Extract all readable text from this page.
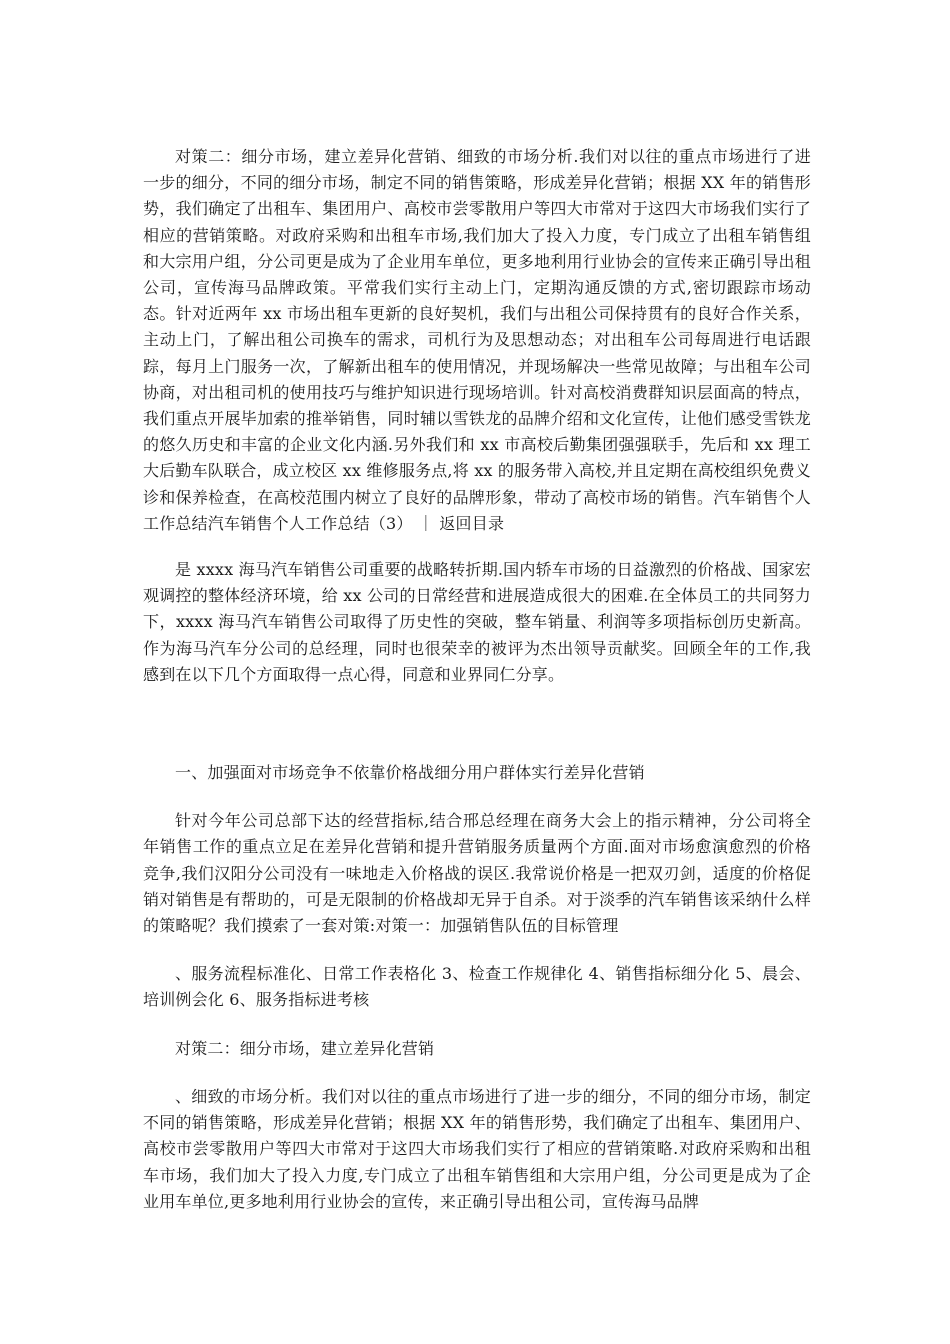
对策二：细分市场，建立差异化营销、细致的市场分析.我们对以往的重点市场进行了进一步的细分，不同的细分市场，制定不同的销售策略，形成差异化营销；根据 XX 年的销售形势，我们确定了出租车、集团用户、高校市尝零散用户等四大市常对于这四大市场我们实行了相应的营销策略。对政府采购和出租车市场,我们加大了投入力度，专门成立了出租车销售组和大宗用户组，分公司更是成为了企业用车单位，更多地利用行业协会的宣传来正确引导出租公司，宣传海马品牌政策。平常我们实行主动上门，定期沟通反馈的方式,密切跟踪市场动态。针对近两年 xx 市场出租车更新的良好契机，我们与出租公司保持贯有的良好合作关系，主动上门，了解出租公司换车的需求，司机行为及思想动态；对出租车公司每周进行电话跟踪，每月上门服务一次，了解新出租车的使用情况，并现场解决一些常见故障；与出租车公司协商，对出租司机的使用技巧与维护知识进行现场培训。针对高校消费群知识层面高的特点，我们重点开展毕加索的推举销售，同时辅以雪铁龙的品牌介绍和文化宣传，让他们感受雪铁龙的悠久历史和丰富的企业文化内涵.另外我们和 xx 市高校后勤集团强强联手，先后和 xx 理工大后勤车队联合，成立校区 xx 维修服务点,将 xx 的服务带入高校,并且定期在高校组织免费义诊和保养检查，在高校范围内树立了良好的品牌形象，带动了高校市场的销售。汽车销售个人工作总结汽车销售个人工作总结（3） ｜ 返回目录

是 xxxx 海马汽车销售公司重要的战略转折期.国内轿车市场的日益激烈的价格战、国家宏观调控的整体经济环境，给 xx 公司的日常经营和进展造成很大的困难.在全体员工的共同努力下，xxxx 海马汽车销售公司取得了历史性的突破，整车销量、利润等多项指标创历史新高。作为海马汽车分公司的总经理，同时也很荣幸的被评为杰出领导贡献奖。回顾全年的工作,我感到在以下几个方面取得一点心得，同意和业界同仁分享。

一、加强面对市场竞争不依靠价格战细分用户群体实行差异化营销

针对今年公司总部下达的经营指标,结合邢总经理在商务大会上的指示精神，分公司将全年销售工作的重点立足在差异化营销和提升营销服务质量两个方面.面对市场愈演愈烈的价格竞争,我们汉阳分公司没有一味地走入价格战的误区.我常说价格是一把双刃剑，适度的价格促销对销售是有帮助的，可是无限制的价格战却无异于自杀。对于淡季的汽车销售该采纳什么样的策略呢？我们摸索了一套对策:对策一：加强销售队伍的目标管理

、服务流程标准化、日常工作表格化 3、检查工作规律化 4、销售指标细分化 5、晨会、培训例会化 6、服务指标进考核

对策二：细分市场，建立差异化营销

、细致的市场分析。我们对以往的重点市场进行了进一步的细分，不同的细分市场，制定不同的销售策略，形成差异化营销；根据 XX 年的销售形势，我们确定了出租车、集团用户、高校市尝零散用户等四大市常对于这四大市场我们实行了相应的营销策略.对政府采购和出租车市场，我们加大了投入力度,专门成立了出租车销售组和大宗用户组，分公司更是成为了企业用车单位,更多地利用行业协会的宣传，来正确引导出租公司，宣传海马品牌
